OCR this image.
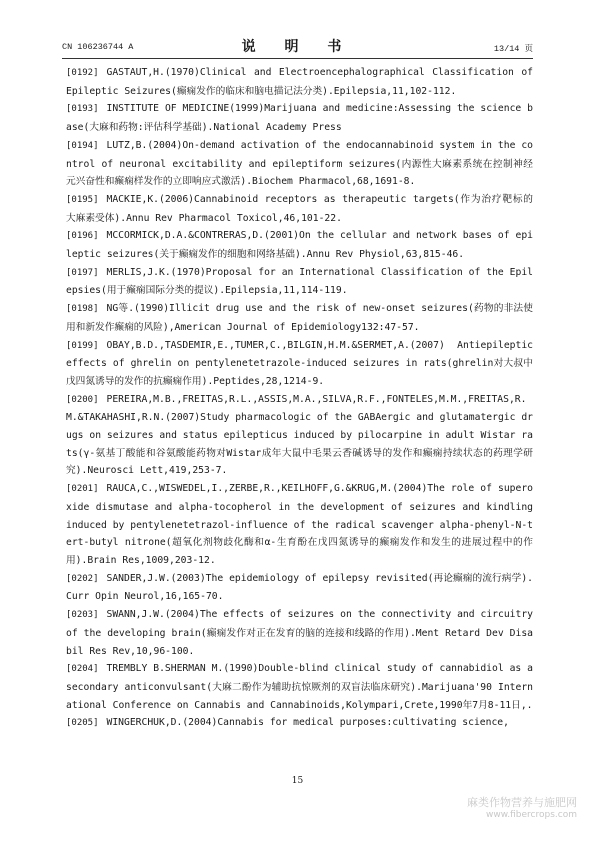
CN 106236744 A	说 明 书	13/14 页
[0192] GASTAUT,H.(1970)Clinical and Electroencephalographical Classification of Epileptic Seizures(癫痫发作的临床和脑电描记法分类).Epilepsia,11,102-112.
[0193] INSTITUTE OF MEDICINE(1999)Marijuana and medicine:Assessing the science base(大麻和药物:评估科学基础).National Academy Press
[0194] LUTZ,B.(2004)On-demand activation of the endocannabinoid system in the control of neuronal excitability and epileptiform seizures(内源性大麻素系统在控制神经元兴奋性和癫痫样发作的立即响应式激活).Biochem Pharmacol,68,1691-8.
[0195] MACKIE,K.(2006)Cannabinoid receptors as therapeutic targets(作为治疗靶标的大麻素受体).Annu Rev Pharmacol Toxicol,46,101-22.
[0196] MCCORMICK,D.A.&CONTRERAS,D.(2001)On the cellular and network bases of epileptic seizures(关于癫痫发作的细胞和网络基础).Annu Rev Physiol,63,815-46.
[0197] MERLIS,J.K.(1970)Proposal for an International Classification of the Epilepsies(用于癫痫国际分类的提议).Epilepsia,11,114-119.
[0198] NG等.(1990)Illicit drug use and the risk of new-onset seizures(药物的非法使用和新发作癫痫的风险),American Journal of Epidemiology132:47-57.
[0199] OBAY,B.D.,TASDEMIR,E.,TUMER,C.,BILGIN,H.M.&SERMET,A.(2007) Antiepileptic effects of ghrelin on pentylenetetrazole-induced seizures in rats(ghrelin对大叔中戊四氮诱导的发作的抗癫痫作用).Peptides,28,1214-9.
[0200] PEREIRA,M.B.,FREITAS,R.L.,ASSIS,M.A.,SILVA,R.F.,FONTELES,M.M.,FREITAS,R.M.&TAKAHASHI,R.N.(2007)Study pharmacologic of the GABAergic and glutamatergic drugs on seizures and status epilepticus induced by pilocarpine in adult Wistar rats(γ-氨基丁酸能和谷氨酸能药物对Wistar成年大鼠中毛果云香碱诱导的发作和癫痫持续状态的药理学研究).Neurosci Lett,419,253-7.
[0201] RAUCA,C.,WISWEDEL,I.,ZERBE,R.,KEILHOFF,G.&KRUG,M.(2004)The role of superoxide dismutase and alpha-tocopherol in the development of seizures and kindling induced by pentylenetetrazol-influence of the radical scavenger alpha-phenyl-N-tert-butyl nitrone(超氧化剂物歧化酶和α-生育酚在戊四氮诱导的癫痫发作和发生的进展过程中的作用).Brain Res,1009,203-12.
[0202] SANDER,J.W.(2003)The epidemiology of epilepsy revisited(再论癫痫的流行病学).Curr Opin Neurol,16,165-70.
[0203] SWANN,J.W.(2004)The effects of seizures on the connectivity and circuitry of the developing brain(癫痫发作对正在发育的脑的连接和线路的作用).Ment Retard Dev Disabil Res Rev,10,96-100.
[0204] TREMBLY B.SHERMAN M.(1990)Double-blind clinical study of cannabidiol as a secondary anticonvulsant(大麻二酚作为辅助抗惊厥剂的双盲法临床研究).Marijuana'90 International Conference on Cannabis and Cannabinoids,Kolympari,Crete,1990年7月8-11日,.
[0205] WINGERCHUK,D.(2004)Cannabis for medical purposes:cultivating science,
15
麻类作物营养与施肥网
www.fibercrops.com
